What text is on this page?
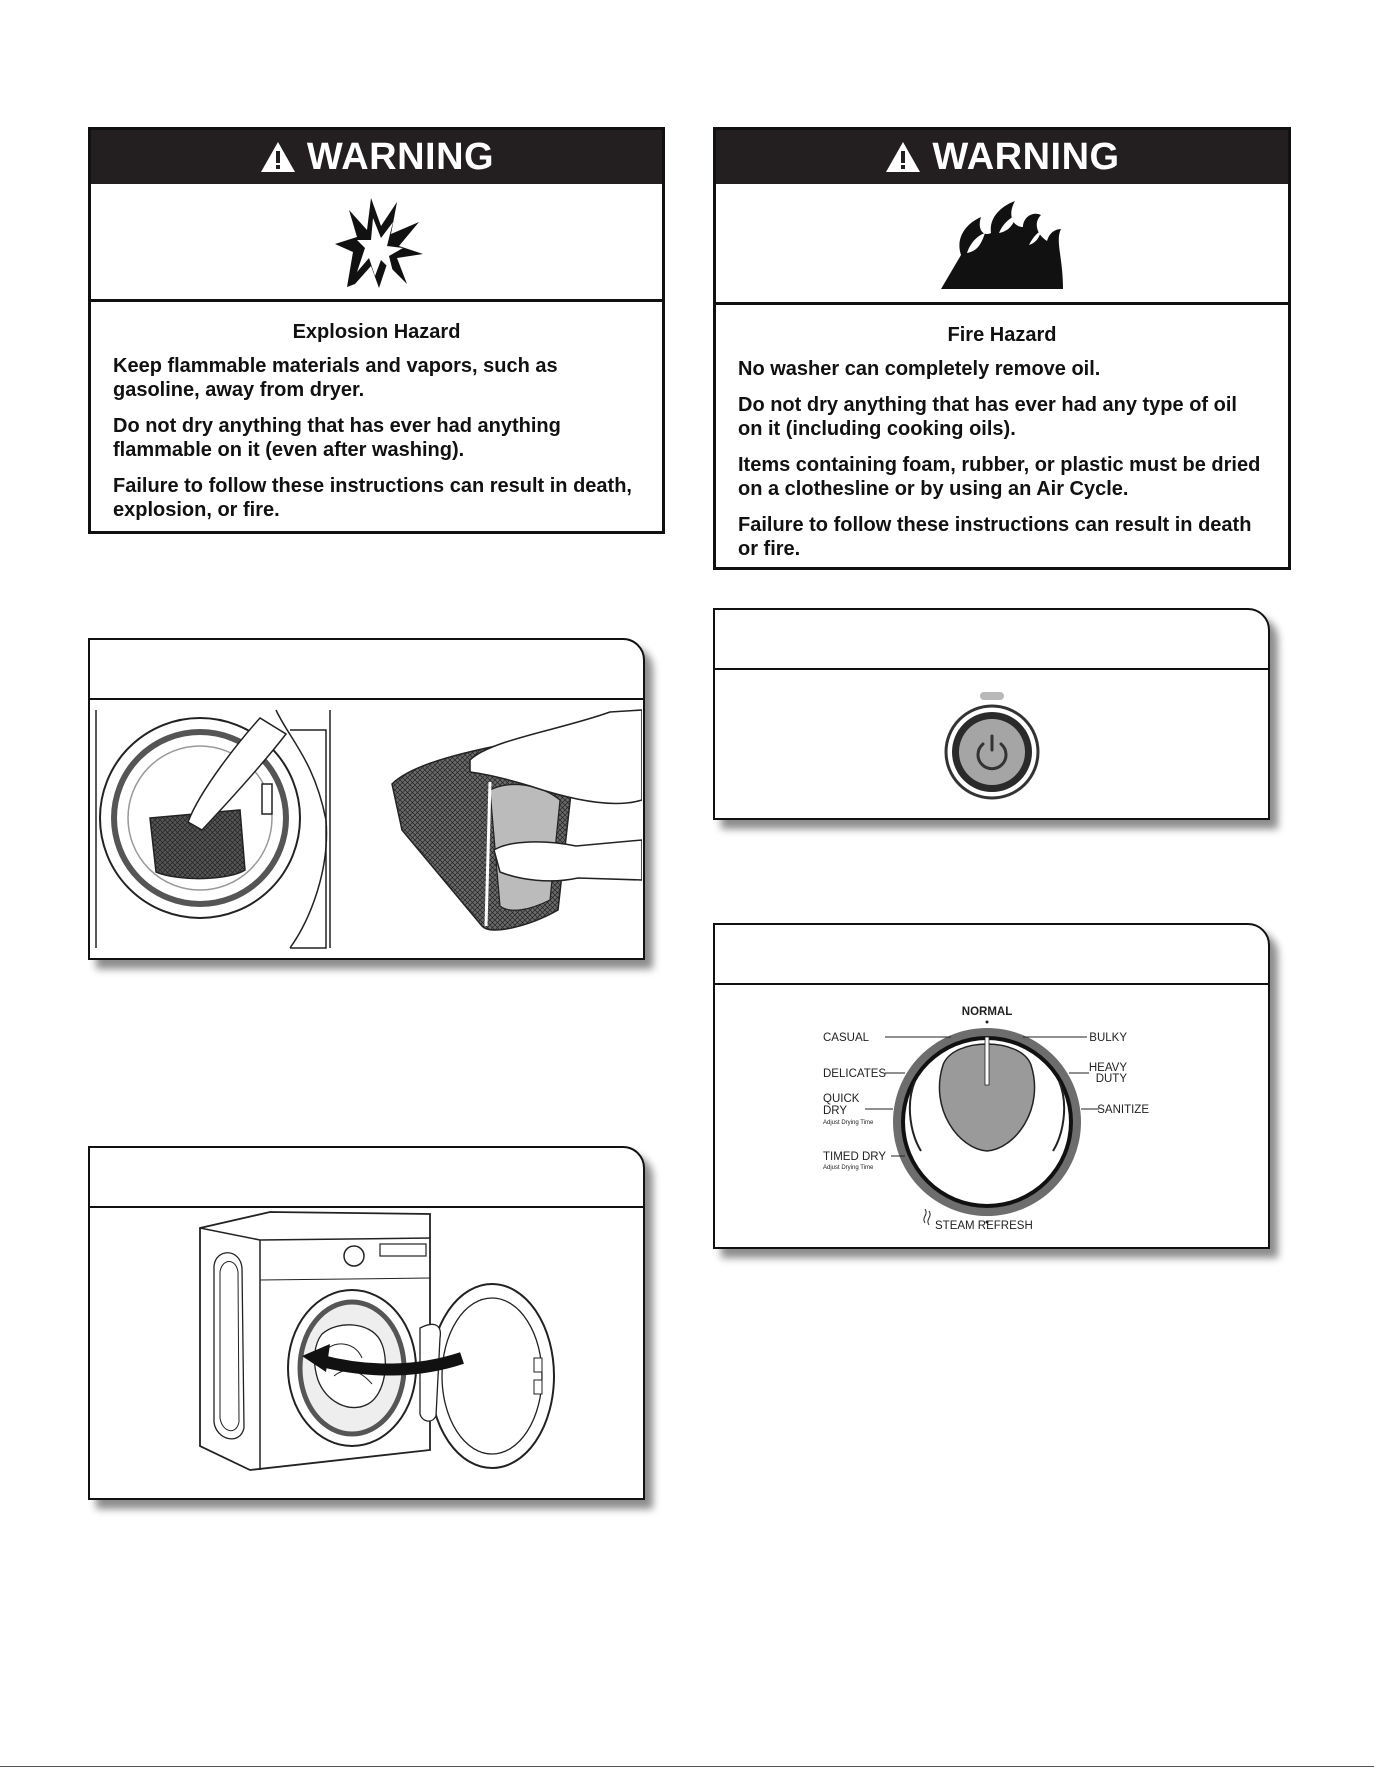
WARNING
Explosion Hazard

Keep flammable materials and vapors, such as gasoline, away from dryer.

Do not dry anything that has ever had anything flammable on it (even after washing).

Failure to follow these instructions can result in death, explosion, or fire.

WARNING
Fire Hazard

No washer can completely remove oil.

Do not dry anything that has ever had any type of oil on it (including cooking oils).

Items containing foam, rubber, or plastic must be dried on a clothesline or by using an Air Cycle.

Failure to follow these instructions can result in death or fire.

NORMAL
CASUAL
DELICATES
QUICK
DRY
Adjust Drying Time
TIMED DRY
Adjust Drying Time
BULKY
HEAVY
DUTY
SANITIZE
STEAM REFRESH
